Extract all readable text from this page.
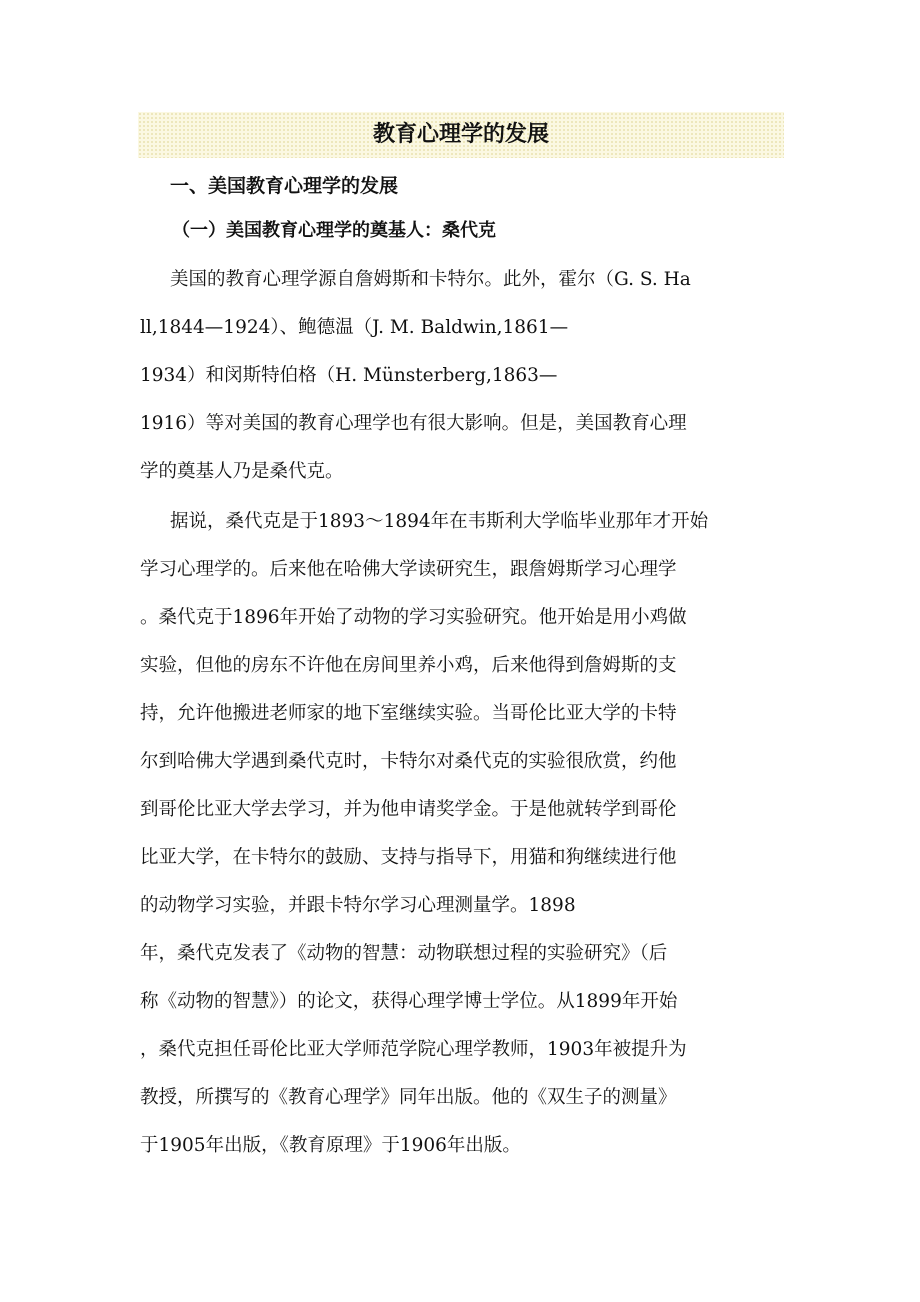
教育心理学的发展
一、美国教育心理学的发展
（一）美国教育心理学的奠基人：桑代克
美国的教育心理学源自詹姆斯和卡特尔。此外，霍尔（G. S. Ha
ll,1844—1924）、鲍德温（J. M. Baldwin,1861—
1934）和闵斯特伯格（H. Münsterberg,1863—
1916）等对美国的教育心理学也有很大影响。但是，美国教育心理
学的奠基人乃是桑代克。
据说，桑代克是于1893～1894年在韦斯利大学临毕业那年才开始
学习心理学的。后来他在哈佛大学读研究生，跟詹姆斯学习心理学
。桑代克于1896年开始了动物的学习实验研究。他开始是用小鸡做
实验，但他的房东不许他在房间里养小鸡，后来他得到詹姆斯的支
持，允许他搬进老师家的地下室继续实验。当哥伦比亚大学的卡特
尔到哈佛大学遇到桑代克时，卡特尔对桑代克的实验很欣赏，约他
到哥伦比亚大学去学习，并为他申请奖学金。于是他就转学到哥伦
比亚大学，在卡特尔的鼓励、支持与指导下，用猫和狗继续进行他
的动物学习实验，并跟卡特尔学习心理测量学。1898
年，桑代克发表了《动物的智慧：动物联想过程的实验研究》（后
称《动物的智慧》）的论文，获得心理学博士学位。从1899年开始
，桑代克担任哥伦比亚大学师范学院心理学教师，1903年被提升为
教授，所撰写的《教育心理学》同年出版。他的《双生子的测量》
于1905年出版，《教育原理》于1906年出版。
